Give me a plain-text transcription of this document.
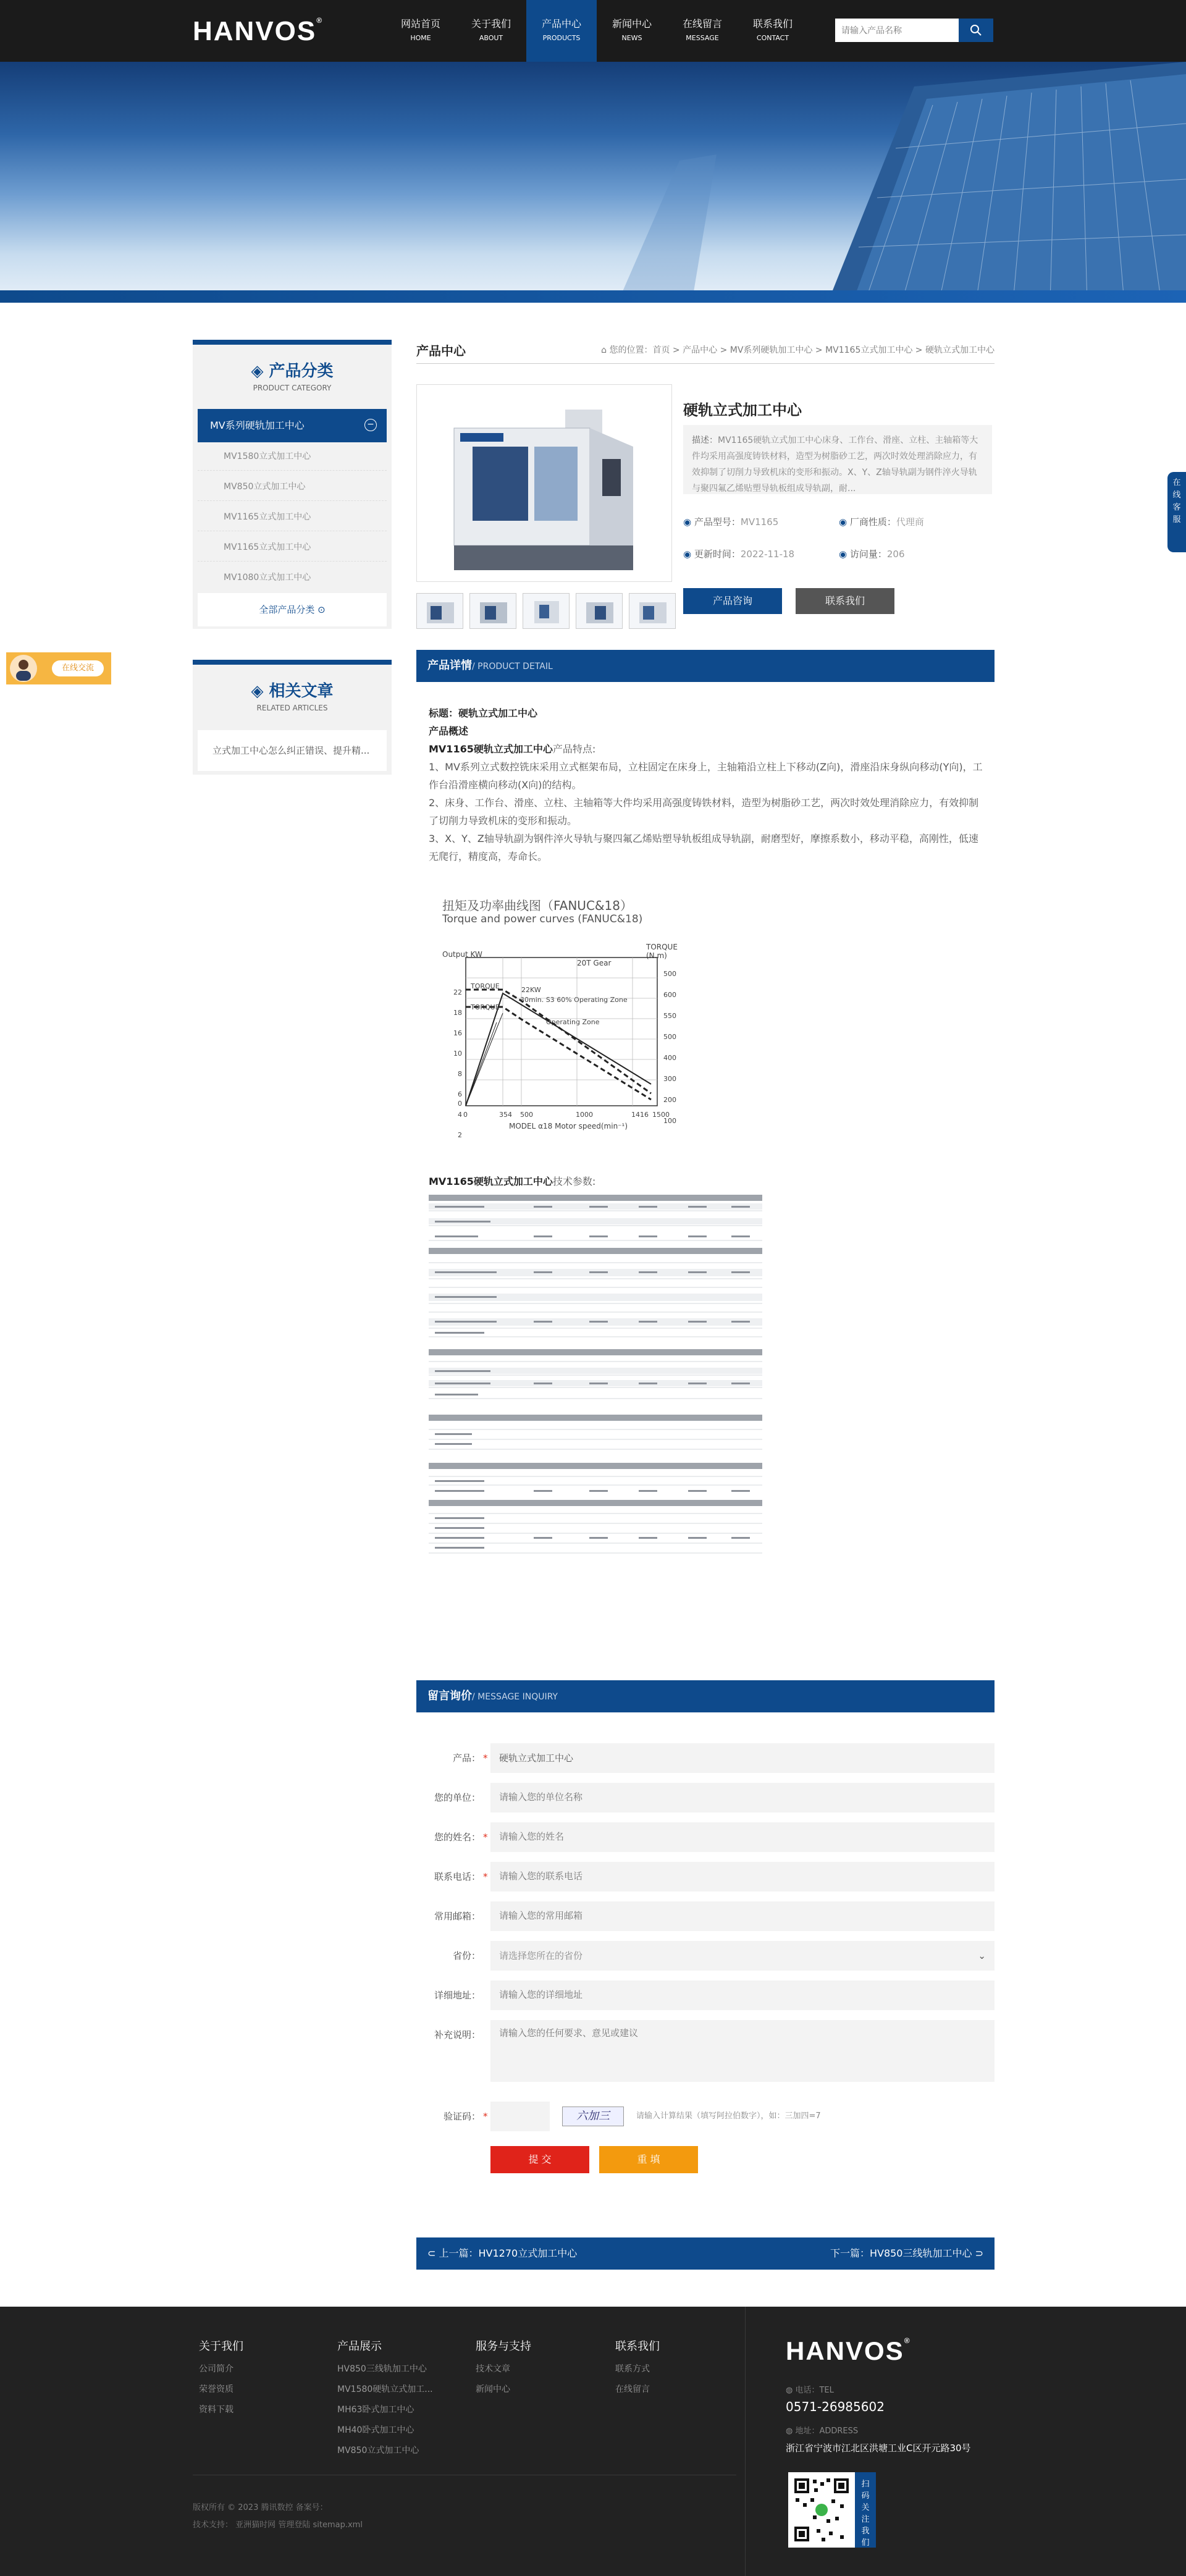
HANVOS®	网站首页
HOME
关于我们
ABOUT
产品中心
PRODUCTS
新闻中心
NEWS
在线留言
MESSAGE
联系我们
CONTACT
请输入产品名称
在线交流
在线客服
◈ 产品分类
PRODUCT CATEGORY
MV系列硬轨加工中心	−
MV1580立式加工中心
MV850立式加工中心
MV1165立式加工中心
MV1165立式加工中心
MV1080立式加工中心
全部产品分类 ⊙
◈ 相关文章
RELATED ARTICLES
立式加工中心怎么纠正错误、提升精...
产品中心	⌂ 您的位置：首页 > 产品中心 > MV系列硬轨加工中心 > MV1165立式加工中心 > 硬轨立式加工中心
硬轨立式加工中心
描述：MV1165硬轨立式加工中心床身、工作台、滑座、立柱、主轴箱等大件均采用高强度铸铁材料，造型为树脂砂工艺，两次时效处理消除应力，有效抑制了切削力导致机床的变形和振动。X、Y、Z轴导轨副为钢件淬火导轨与聚四氟乙烯贴塑导轨板组成导轨副，耐...
◉ 产品型号：MV1165	◉ 厂商性质：代理商
◉ 更新时间：2022-11-18	◉ 访问量：206
产品咨询	联系我们
产品详情/ PRODUCT DETAIL
标题：硬轨立式加工中心
产品概述
MV1165硬轨立式加工中心产品特点:
1、MV系列立式数控铣床采用立式框架布局，立柱固定在床身上，主轴箱沿立柱上下移动(Z向)，滑座沿床身纵向移动(Y向)，工作台沿滑座横向移动(X向)的结构。
2、床身、工作台、滑座、立柱、主轴箱等大件均采用高强度铸铁材料，造型为树脂砂工艺，两次时效处理消除应力，有效抑制了切削力导致机床的变形和振动。
3、X、Y、Z轴导轨副为钢件淬火导轨与聚四氟乙烯贴塑导轨板组成导轨副，耐磨型好，摩擦系数小，移动平稳，高刚性，低速无爬行，精度高，寿命长。
扭矩及功率曲线图（FANUC&18）
Torque and power curves (FANUC&18)
Output KW
TORQUE (N.m)
MODEL α18 Motor speed(min⁻¹)
20T Gear
TORQUE	22KW
30min. S3 60% Operating Zone
TORQUE
Operating Zone
22
18
16
10
8
6
4
2
0
500
600
550
500
400
300
200
100
0	354 500	1000	1416 1500
MV1165硬轨立式加工中心技术参数:
留言询价/ MESSAGE INQUIRY
产品： *	硬轨立式加工中心
您的单位：
请输入您的单位名称
您的姓名： *
请输入您的姓名
联系电话： *
请输入您的联系电话
常用邮箱：
请输入您的常用邮箱
省份：	请选择您所在的省份	⌄
详细地址：
请输入您的详细地址
补充说明：
请输入您的任何要求、意见或建议
验证码： *	六加三	请输入计算结果（填写阿拉伯数字），如：三加四=7
提 交	重 填
⊂ 上一篇：HV1270立式加工中心	下一篇：HV850三线轨加工中心 ⊃
关于我们
公司简介
荣誉资质
资料下载
产品展示
HV850三线轨加工中心
MV1580硬轨立式加工...
MH63卧式加工中心
MH40卧式加工中心
MV850立式加工中心
服务与支持
技术文章
新闻中心
联系我们
联系方式
在线留言
版权所有 © 2023 腾讯数控 备案号：
技术支持： 亚洲猫时网 管理登陆 sitemap.xml
HANVOS®
◍ 电话：TEL
0571-26985602
◍ 地址：ADDRESS
浙江省宁波市江北区洪塘工业C区开元路30号
扫码关注我们
